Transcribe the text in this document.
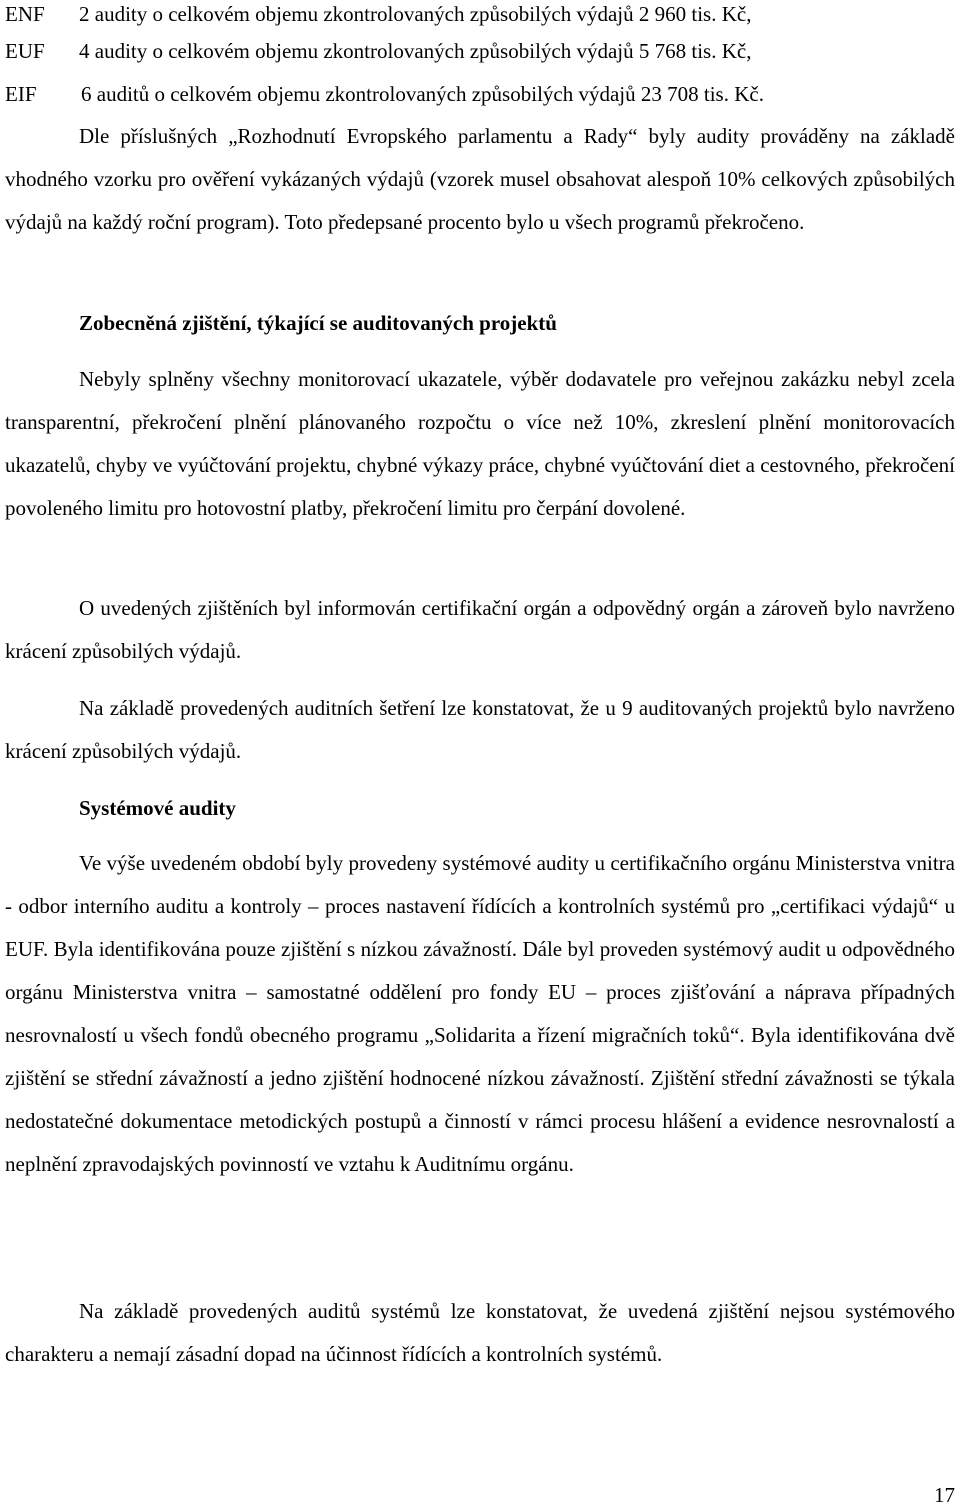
ENF 2 audity o celkovém objemu zkontrolovaných způsobilých výdajů 2 960 tis. Kč,
EUF 4 audity o celkovém objemu zkontrolovaných způsobilých výdajů 5 768 tis. Kč,
EIF 6 auditů o celkovém objemu zkontrolovaných způsobilých výdajů 23 708 tis. Kč.

Dle příslušných „Rozhodnutí Evropského parlamentu a Rady“ byly audity prováděny na základě vhodného vzorku pro ověření vykázaných výdajů (vzorek musel obsahovat alespoň 10% celkových způsobilých výdajů na každý roční program). Toto předepsané procento bylo u všech programů překročeno.

Zobecněná zjištění, týkající se auditovaných projektů

Nebyly splněny všechny monitorovací ukazatele, výběr dodavatele pro veřejnou zakázku nebyl zcela transparentní, překročení plnění plánovaného rozpočtu o více než 10%, zkreslení plnění monitorovacích ukazatelů, chyby ve vyúčtování projektu, chybné výkazy práce, chybné vyúčtování diet a cestovného, překročení povoleného limitu pro hotovostní platby, překročení limitu pro čerpání dovolené.

O uvedených zjištěních byl informován certifikační orgán a odpovědný orgán a zároveň bylo navrženo krácení způsobilých výdajů.

Na základě provedených auditních šetření lze konstatovat, že u 9 auditovaných projektů bylo navrženo krácení způsobilých výdajů.

Systémové audity

Ve výše uvedeném období byly provedeny systémové audity u certifikačního orgánu Ministerstva vnitra - odbor interního auditu a kontroly – proces nastavení řídících a kontrolních systémů pro „certifikaci výdajů“ u EUF. Byla identifikována pouze zjištění s nízkou závažností. Dále byl proveden systémový audit u odpovědného orgánu Ministerstva vnitra – samostatné oddělení pro fondy EU – proces zjišťování a náprava případných nesrovnalostí u všech fondů obecného programu „Solidarita a řízení migračních toků“. Byla identifikována dvě zjištění se střední závažností a jedno zjištění hodnocené nízkou závažností. Zjištění střední závažnosti se týkala nedostatečné dokumentace metodických postupů a činností v rámci procesu hlášení a evidence nesrovnalostí a neplnění zpravodajských povinností ve vztahu k Auditnímu orgánu.

Na základě provedených auditů systémů lze konstatovat, že uvedená zjištění nejsou systémového charakteru a nemají zásadní dopad na účinnost řídících a kontrolních systémů.

17
